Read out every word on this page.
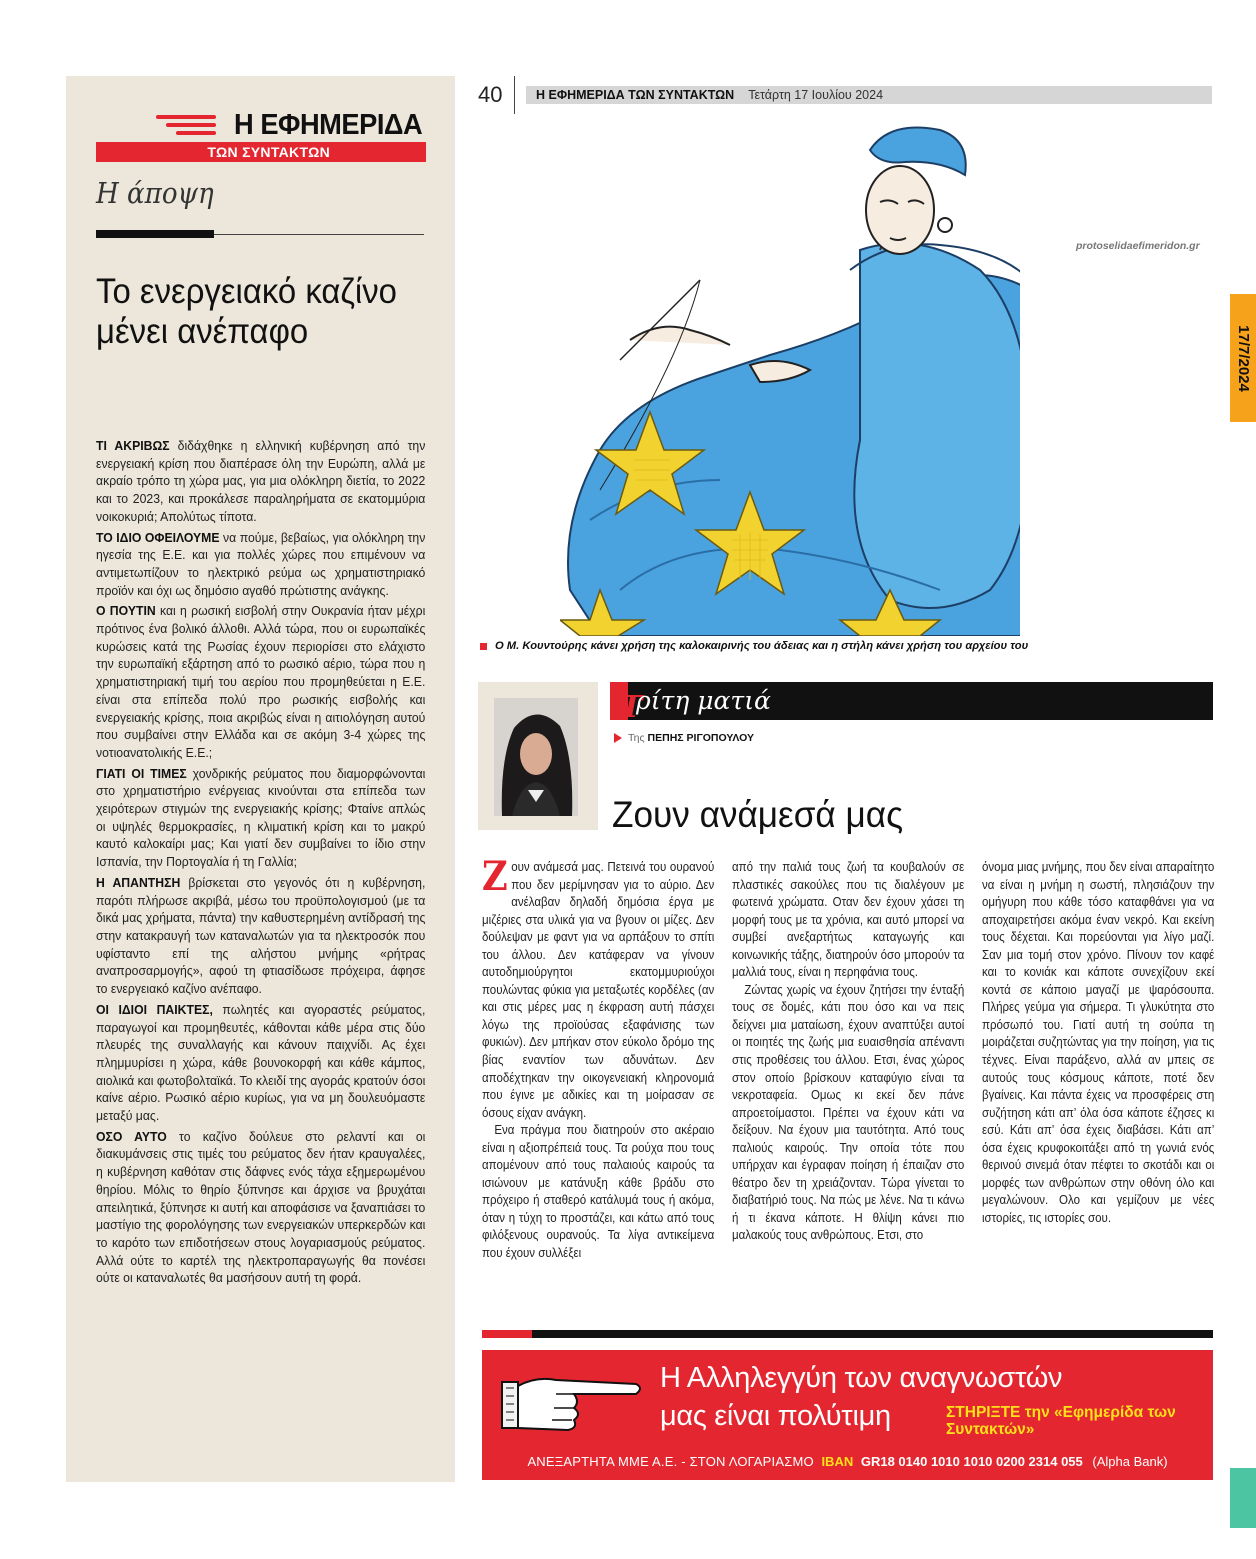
Η ΕΦΗΜΕΡΙΔΑ
ΤΩΝ ΣΥΝΤΑΚΤΩΝ
Η άποψη
Το ενεργειακό καζίνο μένει ανέπαφο

ΤΙ ΑΚΡΙΒΩΣ διδάχθηκε η ελληνική κυβέρνηση από την ενεργειακή κρίση που διαπέρασε όλη την Ευρώπη, αλλά με ακραίο τρόπο τη χώρα μας, για μια ολόκληρη διετία, το 2022 και το 2023, και προκάλεσε παραληρήματα σε εκατομμύρια νοικοκυριά; Απολύτως τίποτα.

ΤΟ ΙΔΙΟ ΟΦΕΙΛΟΥΜΕ να πούμε, βεβαίως, για ολόκληρη την ηγεσία της Ε.Ε. και για πολλές χώρες που επιμένουν να αντιμετωπίζουν το ηλεκτρικό ρεύμα ως χρηματιστηριακό προϊόν και όχι ως δημόσιο αγαθό πρώτιστης ανάγκης.

Ο ΠΟΥΤΙΝ και η ρωσική εισβολή στην Ουκρανία ήταν μέχρι πρότινος ένα βολικό άλλοθι. Αλλά τώρα, που οι ευρωπαϊκές κυρώσεις κατά της Ρωσίας έχουν περιορίσει στο ελάχιστο την ευρωπαϊκή εξάρτηση από το ρωσικό αέριο, τώρα που η χρηματιστηριακή τιμή του αερίου που προμηθεύεται η Ε.Ε. είναι στα επίπεδα πολύ προ ρωσικής εισβολής και ενεργειακής κρίσης, ποια ακριβώς είναι η αιτιολόγηση αυτού που συμβαίνει στην Ελλάδα και σε ακόμη 3-4 χώρες της νοτιοανατολικής Ε.Ε.;

ΓΙΑΤΙ ΟΙ ΤΙΜΕΣ χονδρικής ρεύματος που διαμορφώνονται στο χρηματιστήριο ενέργειας κινούνται στα επίπεδα των χειρότερων στιγμών της ενεργειακής κρίσης; Φταίνε απλώς οι υψηλές θερμοκρασίες, η κλιματική κρίση και το μακρύ καυτό καλοκαίρι μας; Και γιατί δεν συμβαίνει το ίδιο στην Ισπανία, την Πορτογαλία ή τη Γαλλία;

Η ΑΠΑΝΤΗΣΗ βρίσκεται στο γεγονός ότι η κυβέρνηση, παρότι πλήρωσε ακριβά, μέσω του προϋπολογισμού (με τα δικά μας χρήματα, πάντα) την καθυστερημένη αντίδρασή της στην κατακραυγή των καταναλωτών για τα ηλεκτροσόκ που υφίσταντο επί της αλήστου μνήμης «ρήτρας αναπροσαρμογής», αφού τη φτιασίδωσε πρόχειρα, άφησε το ενεργειακό καζίνο ανέπαφο.

ΟΙ ΙΔΙΟΙ ΠΑΙΚΤΕΣ, πωλητές και αγοραστές ρεύματος, παραγωγοί και προμηθευτές, κάθονται κάθε μέρα στις δύο πλευρές της συναλλαγής και κάνουν παιχνίδι. Ας έχει πλημμυρίσει η χώρα, κάθε βουνοκορφή και κάθε κάμπος, αιολικά και φωτοβολταϊκά. Το κλειδί της αγοράς κρατούν όσοι καίνε αέριο. Ρωσικό αέριο κυρίως, για να μη δουλευόμαστε μεταξύ μας.

ΟΣΟ ΑΥΤΟ το καζίνο δούλευε στο ρελαντί και οι διακυμάνσεις στις τιμές του ρεύματος δεν ήταν κραυγαλέες, η κυβέρνηση καθόταν στις δάφνες ενός τάχα εξημερωμένου θηρίου. Μόλις το θηρίο ξύπνησε και άρχισε να βρυχάται απειλητικά, ξύπνησε κι αυτή και αποφάσισε να ξαναπιάσει το μαστίγιο της φορολόγησης των ενεργειακών υπερκερδών και το καρότο των επιδοτήσεων στους λογαριασμούς ρεύματος. Αλλά ούτε το καρτέλ της ηλεκτροπαραγωγής θα πονέσει ούτε οι καταναλωτές θα μασήσουν αυτή τη φορά.

40	Η ΕΦΗΜΕΡΙΔΑ ΤΩΝ ΣΥΝΤΑΚΤΩΝ Τετάρτη 17 Ιουλίου 2024
protoselidaefimeridon.gr
17/7/2024
Ο Μ. Κουντούρης κάνει χρήση της καλοκαιρινής του άδειας και η στήλη κάνει χρήση του αρχείου του
Τ
ρίτη ματιά
Της ΠΕΠΗΣ ΡΙΓΟΠΟΥΛΟΥ
Ζουν ανάμεσά μας

Ζουν ανάμεσά μας. Πετεινά του ουρανού που δεν μερίμνησαν για το αύριο. Δεν ανέλαβαν δηλαδή δημόσια έργα με μιζέριες στα υλικά για να βγουν οι μίζες. Δεν δούλεψαν με φαντ για να αρπάξουν το σπίτι του άλλου. Δεν κατάφεραν να γίνουν αυτοδημιούργητοι εκατομμυριούχοι πουλώντας φύκια για μεταξωτές κορδέλες (αν και στις μέρες μας η έκφραση αυτή πάσχει λόγω της προϊούσας εξαφάνισης των φυκιών). Δεν μπήκαν στον εύκολο δρόμο της βίας εναντίον των αδυνάτων. Δεν αποδέχτηκαν την οικογενειακή κληρονομιά που έγινε με αδικίες και τη μοίρασαν σε όσους είχαν ανάγκη.

Ενα πράγμα που διατηρούν στο ακέραιο είναι η αξιοπρέπειά τους. Τα ρούχα που τους απομένουν από τους παλαιούς καιρούς τα ισιώνουν με κατάνυξη κάθε βράδυ στο πρόχειρο ή σταθερό κατάλυμά τους ή ακόμα, όταν η τύχη το προστάζει, και κάτω από τους φιλόξενους ουρανούς. Τα λίγα αντικείμενα που έχουν συλλέξει

από την παλιά τους ζωή τα κουβαλούν σε πλαστικές σακούλες που τις διαλέγουν με φωτεινά χρώματα. Οταν δεν έχουν χάσει τη μορφή τους με τα χρόνια, και αυτό μπορεί να συμβεί ανεξαρτήτως καταγωγής και κοινωνικής τάξης, διατηρούν όσο μπορούν τα μαλλιά τους, είναι η περηφάνια τους.

Ζώντας χωρίς να έχουν ζητήσει την ένταξή τους σε δομές, κάτι που όσο και να πεις δείχνει μια ματαίωση, έχουν αναπτύξει αυτοί οι ποιητές της ζωής μια ευαισθησία απέναντι στις προθέσεις του άλλου. Ετσι, ένας χώρος στον οποίο βρίσκουν καταφύγιο είναι τα νεκροταφεία. Ομως κι εκεί δεν πάνε απροετοίμαστοι. Πρέπει να έχουν κάτι να δείξουν. Να έχουν μια ταυτότητα. Από τους παλιούς καιρούς. Την οποία τότε που υπήρχαν και έγραφαν ποίηση ή έπαιζαν στο θέατρο δεν τη χρειάζονταν. Τώρα γίνεται το διαβατήριό τους. Να πώς με λένε. Να τι κάνω ή τι έκανα κάποτε. Η θλίψη κάνει πιο μαλακούς τους ανθρώπους. Ετσι, στο

όνομα μιας μνήμης, που δεν είναι απαραίτητο να είναι η μνήμη η σωστή, πλησιάζουν την ομήγυρη που κάθε τόσο καταφθάνει για να αποχαιρετήσει ακόμα έναν νεκρό. Και εκείνη τους δέχεται. Και πορεύονται για λίγο μαζί. Σαν μια τομή στον χρόνο. Πίνουν τον καφέ και το κονιάκ και κάποτε συνεχίζουν εκεί κοντά σε κάποιο μαγαζί με ψαρόσουπα. Πλήρες γεύμα για σήμερα. Τι γλυκύτητα στο πρόσωπό του. Γιατί αυτή τη σούπα τη μοιράζεται συζητώντας για την ποίηση, για τις τέχνες. Είναι παράξενο, αλλά αν μπεις σε αυτούς τους κόσμους κάποτε, ποτέ δεν βγαίνεις. Και πάντα έχεις να προσφέρεις στη συζήτηση κάτι απ’ όλα όσα κάποτε έζησες κι εσύ. Κάτι απ’ όσα έχεις διαβάσει. Κάτι απ’ όσα έχεις κρυφοκοιτάξει από τη γωνιά ενός θερινού σινεμά όταν πέφτει το σκοτάδι και οι μορφές των ανθρώπων στην οθόνη όλο και μεγαλώνουν. Ολο και γεμίζουν με νέες ιστορίες, τις ιστορίες σου.

Η Αλληλεγγύη των αναγνωστών
μας είναι πολύτιμη	ΣΤΗΡΙΞΤΕ την «Εφημερίδα των Συντακτών»
ΑΝΕΞΑΡΤΗΤΑ ΜΜΕ Α.Ε. - ΣΤΟΝ ΛΟΓΑΡΙΑΣΜΟ IBAN GR18 0140 1010 1010 0200 2314 055 (Alpha Bank)
